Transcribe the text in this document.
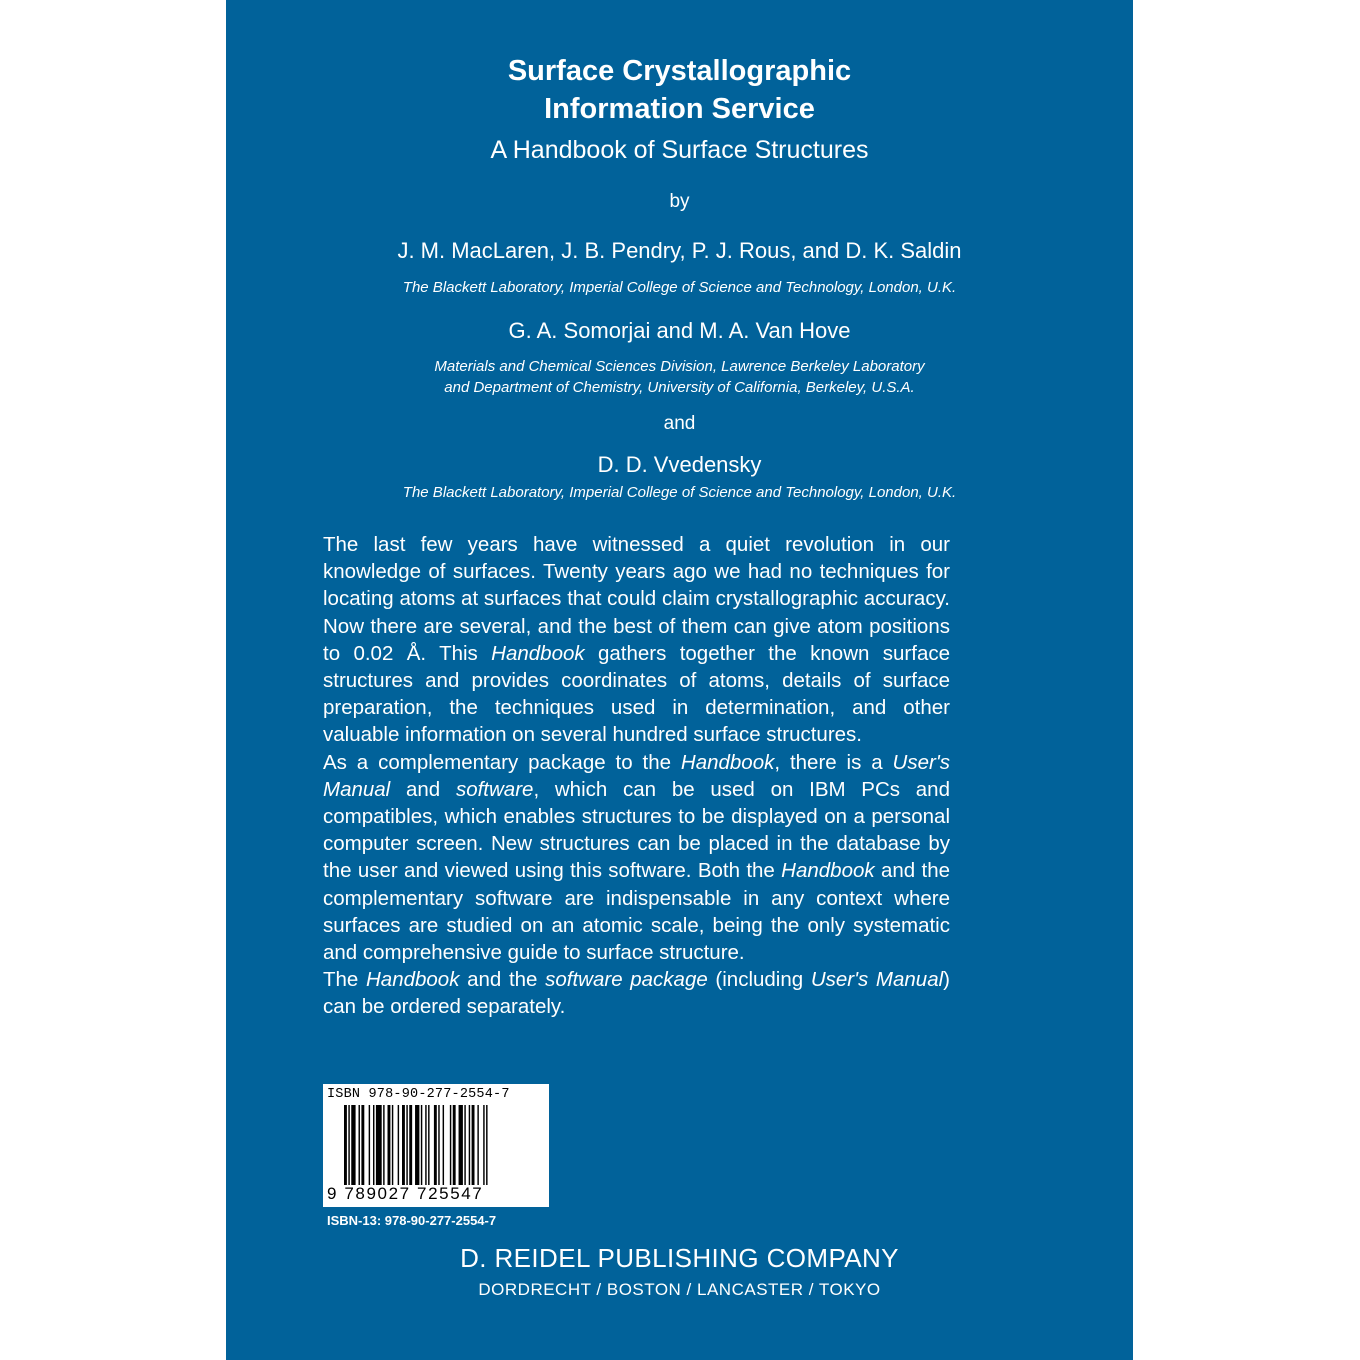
Surface Crystallographic
Information Service
A Handbook of Surface Structures
by
J. M. MacLaren, J. B. Pendry, P. J. Rous, and D. K. Saldin
The Blackett Laboratory, Imperial College of Science and Technology, London, U.K.
G. A. Somorjai and M. A. Van Hove
Materials and Chemical Sciences Division, Lawrence Berkeley Laboratory
and Department of Chemistry, University of California, Berkeley, U.S.A.
and
D. D. Vvedensky
The Blackett Laboratory, Imperial College of Science and Technology, London, U.K.

The last few years have witnessed a quiet revolution in our knowledge of surfaces. Twenty years ago we had no techniques for locating atoms at surfaces that could claim crystallographic accuracy. Now there are several, and the best of them can give atom positions to 0.02 Å. This Handbook gathers together the known surface structures and provides coordinates of atoms, details of surface preparation, the techniques used in determination, and other valuable information on several hundred surface structures.

As a complementary package to the Handbook, there is a User's Manual and software, which can be used on IBM PCs and compatibles, which enables structures to be displayed on a personal computer screen. New structures can be placed in the database by the user and viewed using this software. Both the Handbook and the complementary software are indispensable in any context where surfaces are studied on an atomic scale, being the only systematic and comprehensive guide to surface structure.

The Handbook and the software package (including User's Manual) can be ordered separately.

ISBN 978-90-277-2554-7
9 789027 725547
ISBN-13: 978-90-277-2554-7
D. REIDEL PUBLISHING COMPANY
DORDRECHT / BOSTON / LANCASTER / TOKYO
